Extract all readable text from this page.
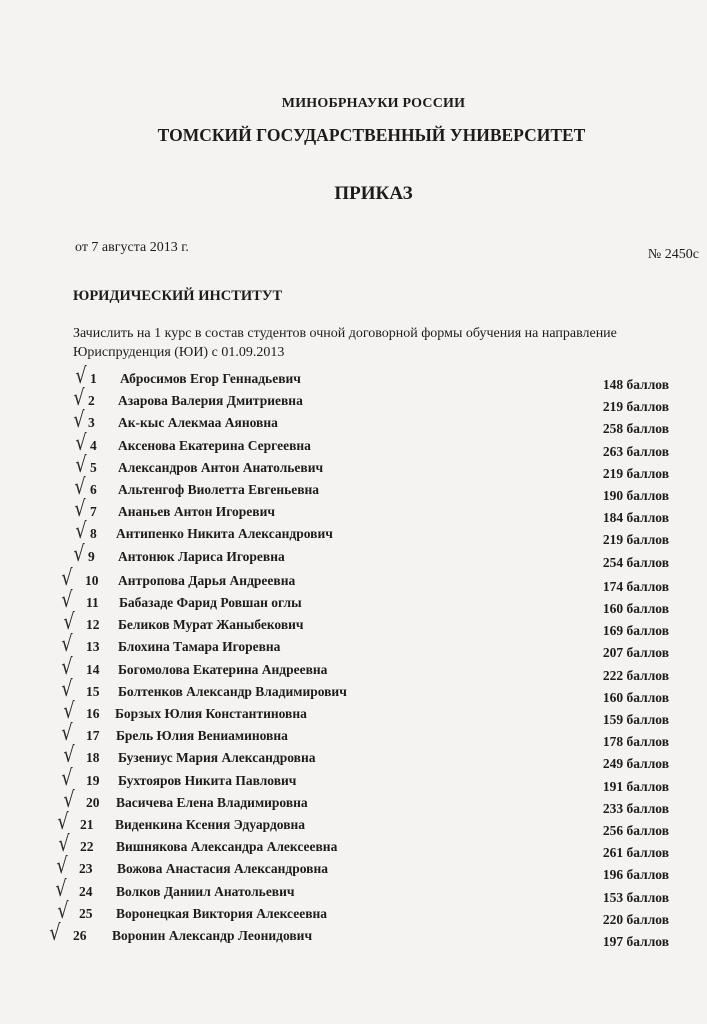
МИНОБРНАУКИ РОССИИ
ТОМСКИЙ ГОСУДАРСТВЕННЫЙ УНИВЕРСИТЕТ
ПРИКАЗ
от 7 августа 2013 г.	№ 2450с
ЮРИДИЧЕСКИЙ ИНСТИТУТ
Зачислить на 1 курс в состав студентов очной договорной формы обучения на направление
Юриспруденция (ЮИ) с 01.09.2013
√ 1 Абросимов Егор Геннадьевич	148 баллов
√ 2 Азарова Валерия Дмитриевна	219 баллов
√ 3 Ак-кыс Алекмаа Аяновна	258 баллов
√ 4 Аксенова Екатерина Сергеевна	263 баллов
√ 5 Александров Антон Анатольевич	219 баллов
√ 6 Альтенгоф Виолетта Евгеньевна	190 баллов
√ 7 Ананьев Антон Игоревич	184 баллов
√ 8 Антипенко Никита Александрович	219 баллов
√ 9 Антонюк Лариса Игоревна	254 баллов
√ 10 Антропова Дарья Андреевна	174 баллов
√ 11 Бабазаде Фарид Ровшан оглы	160 баллов
√ 12 Беликов Мурат Жаныбекович	169 баллов
√ 13 Блохина Тамара Игоревна	207 баллов
√ 14 Богомолова Екатерина Андреевна	222 баллов
√ 15 Болтенков Александр Владимирович	160 баллов
√ 16 Борзых Юлия Константиновна	159 баллов
√ 17 Брель Юлия Вениаминовна	178 баллов
√ 18 Бузениус Мария Александровна	249 баллов
√ 19 Бухтояров Никита Павлович	191 баллов
√ 20 Васичева Елена Владимировна	233 баллов
√ 21 Виденкина Ксения Эдуардовна	256 баллов
√ 22 Вишнякова Александра Алексеевна	261 баллов
√ 23 Вожова Анастасия Александровна	196 баллов
√ 24 Волков Даниил Анатольевич	153 баллов
√ 25 Воронецкая Виктория Алексеевна	220 баллов
√ 26 Воронин Александр Леонидович	197 баллов
